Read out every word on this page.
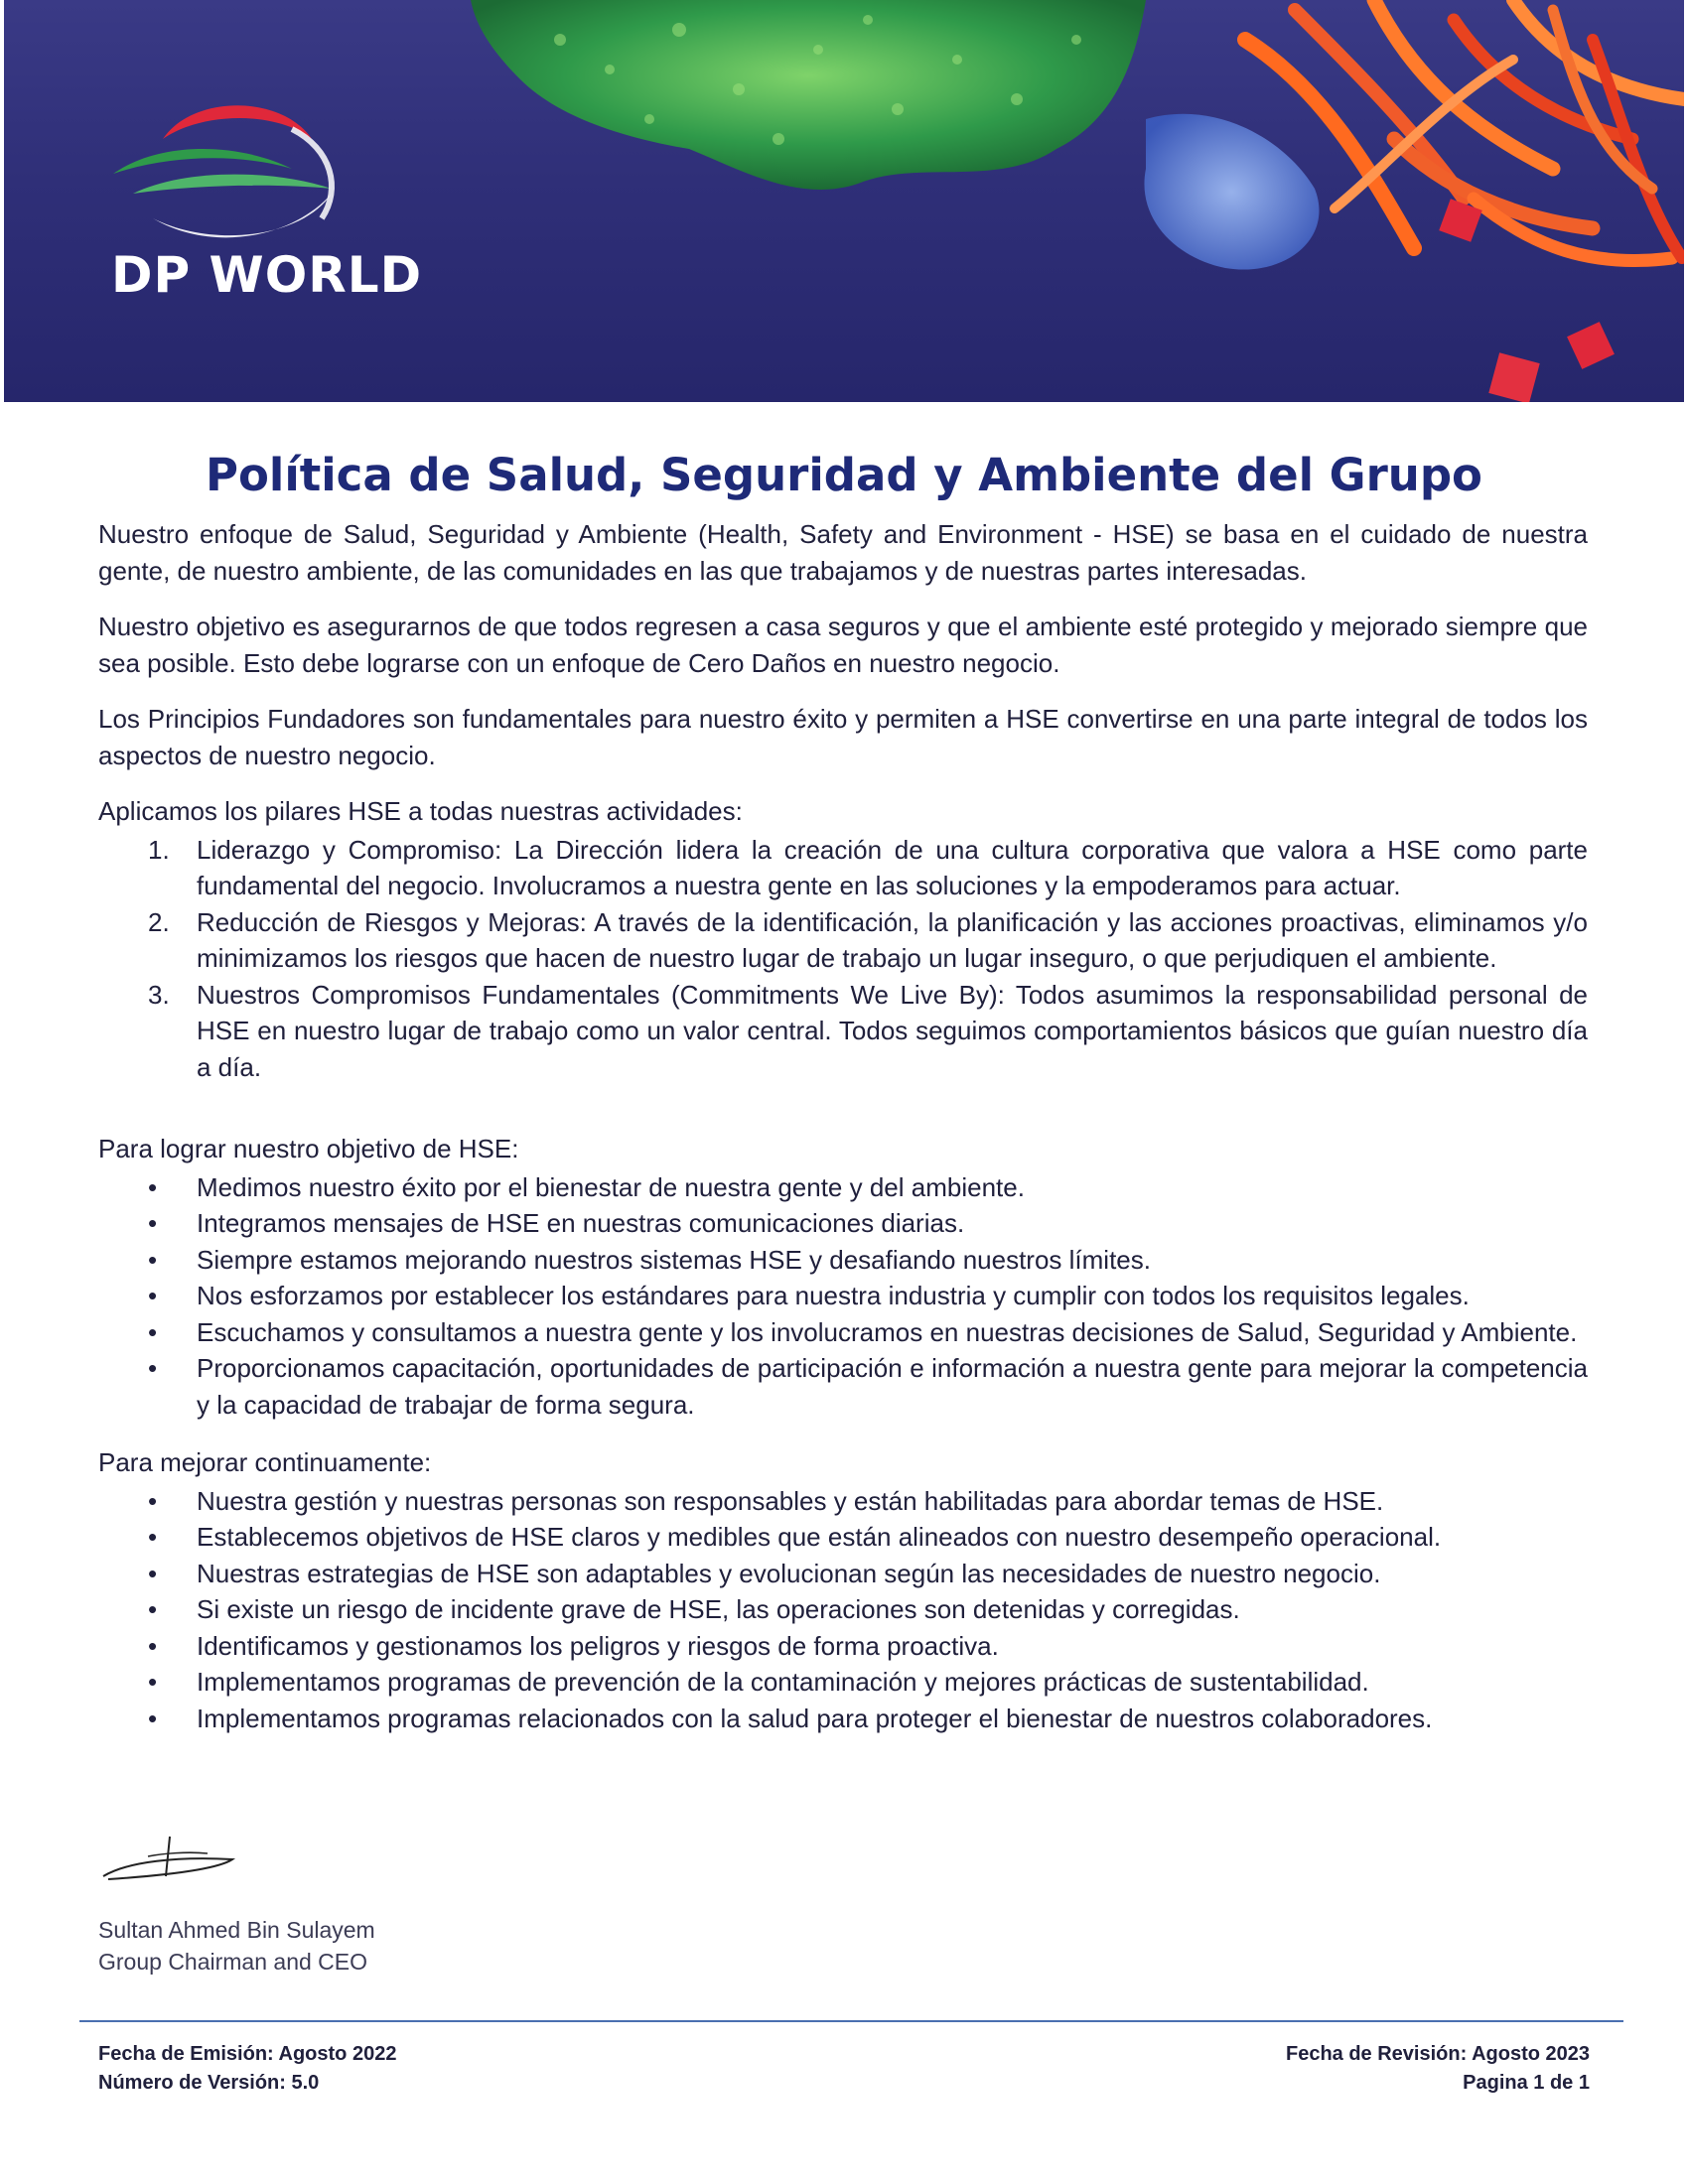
DP WORLD
Política de Salud, Seguridad y Ambiente del Grupo

Nuestro enfoque de Salud, Seguridad y Ambiente (Health, Safety and Environment - HSE) se basa en el cuidado de nuestra gente, de nuestro ambiente, de las comunidades en las que trabajamos y de nuestras partes interesadas.

Nuestro objetivo es asegurarnos de que todos regresen a casa seguros y que el ambiente esté protegido y mejorado siempre que sea posible. Esto debe lograrse con un enfoque de Cero Daños en nuestro negocio.

Los Principios Fundadores son fundamentales para nuestro éxito y permiten a HSE convertirse en una parte integral de todos los aspectos de nuestro negocio.

Aplicamos los pilares HSE a todas nuestras actividades:

1. Liderazgo y Compromiso: La Dirección lidera la creación de una cultura corporativa que valora a HSE como parte fundamental del negocio. Involucramos a nuestra gente en las soluciones y la empoderamos para actuar.
2. Reducción de Riesgos y Mejoras: A través de la identificación, la planificación y las acciones proactivas, eliminamos y/o minimizamos los riesgos que hacen de nuestro lugar de trabajo un lugar inseguro, o que perjudiquen el ambiente.
3. Nuestros Compromisos Fundamentales (Commitments We Live By): Todos asumimos la responsabilidad personal de HSE en nuestro lugar de trabajo como un valor central. Todos seguimos comportamientos básicos que guían nuestro día a día.

Para lograr nuestro objetivo de HSE:

• Medimos nuestro éxito por el bienestar de nuestra gente y del ambiente.
• Integramos mensajes de HSE en nuestras comunicaciones diarias.
• Siempre estamos mejorando nuestros sistemas HSE y desafiando nuestros límites.
• Nos esforzamos por establecer los estándares para nuestra industria y cumplir con todos los requisitos legales.
• Escuchamos y consultamos a nuestra gente y los involucramos en nuestras decisiones de Salud, Seguridad y Ambiente.
• Proporcionamos capacitación, oportunidades de participación e información a nuestra gente para mejorar la competencia y la capacidad de trabajar de forma segura.

Para mejorar continuamente:

• Nuestra gestión y nuestras personas son responsables y están habilitadas para abordar temas de HSE.
• Establecemos objetivos de HSE claros y medibles que están alineados con nuestro desempeño operacional.
• Nuestras estrategias de HSE son adaptables y evolucionan según las necesidades de nuestro negocio.
• Si existe un riesgo de incidente grave de HSE, las operaciones son detenidas y corregidas.
• Identificamos y gestionamos los peligros y riesgos de forma proactiva.
• Implementamos programas de prevención de la contaminación y mejores prácticas de sustentabilidad.
• Implementamos programas relacionados con la salud para proteger el bienestar de nuestros colaboradores.
Sultan Ahmed Bin Sulayem
Group Chairman and CEO
Fecha de Emisión: Agosto 2022
Número de Versión: 5.0
Fecha de Revisión: Agosto 2023
Pagina 1 de 1
